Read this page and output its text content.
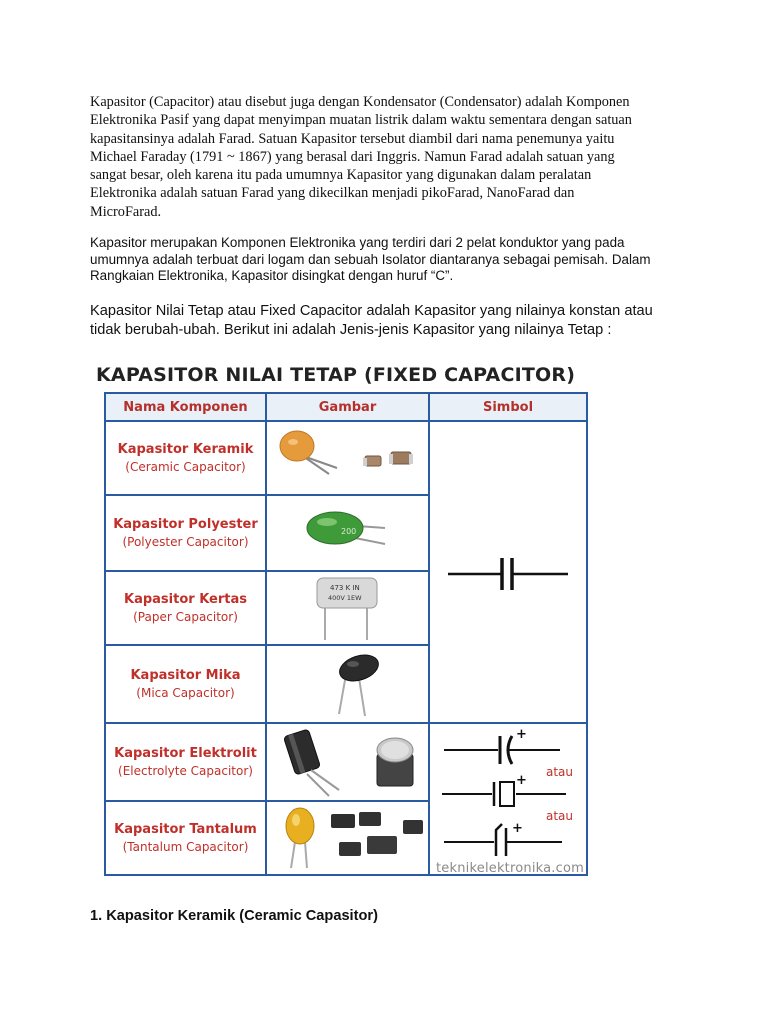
Kapasitor (Capacitor) atau disebut juga dengan Kondensator (Condensator) adalah Komponen
Elektronika Pasif yang dapat menyimpan muatan listrik dalam waktu sementara dengan satuan
kapasitansinya adalah Farad. Satuan Kapasitor tersebut diambil dari nama penemunya yaitu
Michael Faraday (1791 ~ 1867) yang berasal dari Inggris. Namun Farad adalah satuan yang
sangat besar, oleh karena itu pada umumnya Kapasitor yang digunakan dalam peralatan
Elektronika adalah satuan Farad yang dikecilkan menjadi pikoFarad, NanoFarad dan
MicroFarad.
Kapasitor merupakan Komponen Elektronika yang terdiri dari 2 pelat konduktor yang pada
umumnya adalah terbuat dari logam dan sebuah Isolator diantaranya sebagai pemisah. Dalam
Rangkaian Elektronika, Kapasitor disingkat dengan huruf “C”.
Kapasitor Nilai Tetap atau Fixed Capacitor adalah Kapasitor yang nilainya konstan atau
tidak berubah-ubah. Berikut ini adalah Jenis-jenis Kapasitor yang nilainya Tetap :
KAPASITOR NILAI TETAP (FIXED CAPACITOR)
Nama Komponen	Gambar	Simbol
Kapasitor Keramik
(Ceramic Capacitor)
Kapasitor Polyester
(Polyester Capacitor)
Kapasitor Kertas
(Paper Capacitor)
Kapasitor Mika
(Mica Capacitor)
Kapasitor Elektrolit
(Electrolyte Capacitor)
Kapasitor Tantalum
(Tantalum Capacitor)
200
473 K IN
400V 1EW
+
atau
+
atau
+
teknikelektronika.com
1. Kapasitor Keramik (Ceramic Capasitor)
